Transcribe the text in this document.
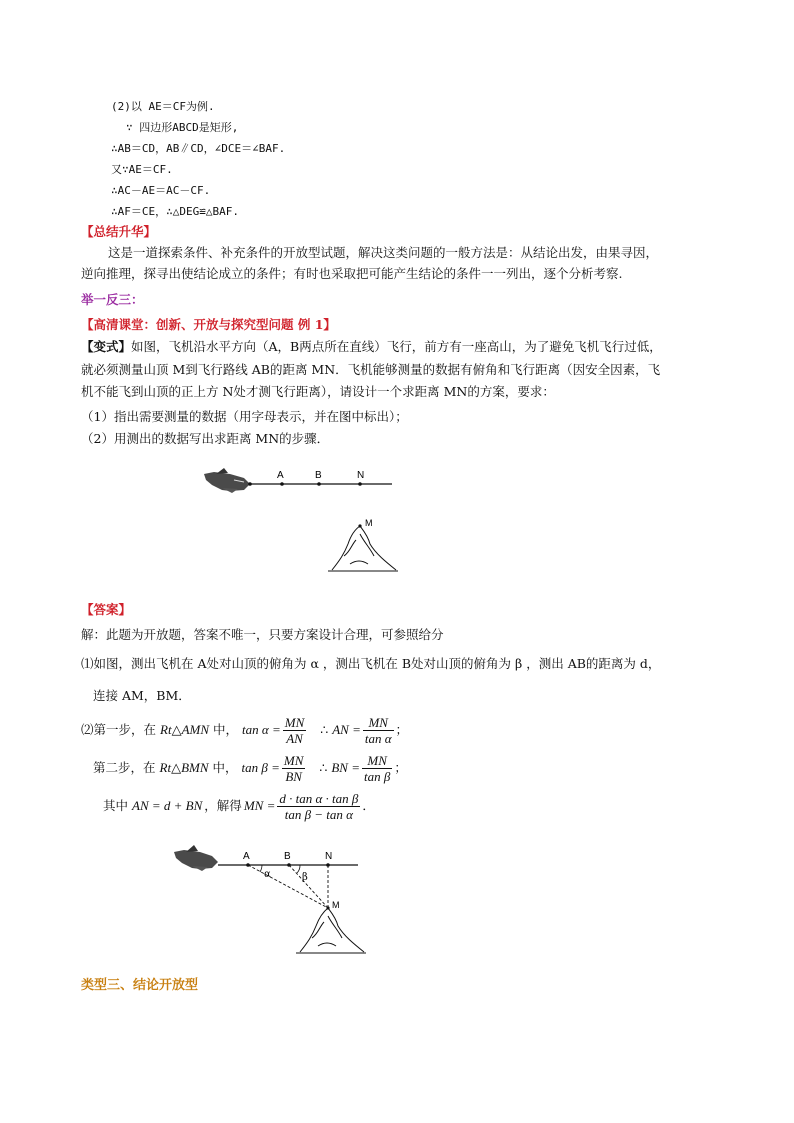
(2)以 AE＝CF为例.
∵ 四边形ABCD是矩形,
∴AB＝CD，AB∥CD，∠DCE＝∠BAF.
又∵AE＝CF.
∴AC－AE＝AC－CF.
∴AF＝CE，∴△DEG≌△BAF.
【总结升华】
这是一道探索条件、补充条件的开放型试题，解决这类问题的一般方法是：从结论出发，由果寻因，
逆向推理，探寻出使结论成立的条件；有时也采取把可能产生结论的条件一一列出，逐个分析考察.
举一反三：
【高清课堂：创新、开放与探究型问题 例 1】
【变式】如图，飞机沿水平方向（A，B两点所在直线）飞行，前方有一座高山，为了避免飞机飞行过低，
就必须测量山顶 M到飞行路线 AB的距离 MN．飞机能够测量的数据有俯角和飞行距离（因安全因素，飞
机不能飞到山顶的正上方 N处才测飞行距离），请设计一个求距离 MN的方案，要求：
（1）指出需要测量的数据（用字母表示，并在图中标出）；
（2）用测出的数据写出求距离 MN的步骤．
A	B	N
M
【答案】
解：此题为开放题，答案不唯一，只要方案设计合理，可参照给分
⑴如图，测出飞机在 A处对山顶的俯角为 α ，测出飞机在 B处对山顶的俯角为 β ，测出 AB的距离为 d，
连接 AM，BM．
⑵第一步，在 Rt△AMN 中， $\tan \alpha = \frac{MN}{AN}$ ∴ AN = $\frac{MN}{\text{tan α}}$ ；
第二步，在 Rt△BMN 中， $\tan \beta = \frac{MN}{BN}$ ∴ BN = $\frac{MN}{\text{tan β}}$ ；
其中 AN = d + BN ，解得 MN = $\frac{\text{d · tan α · tan β}}{\text{tan β − tan α}}$ ．
A	B	N
α	β
M
类型三、结论开放型
